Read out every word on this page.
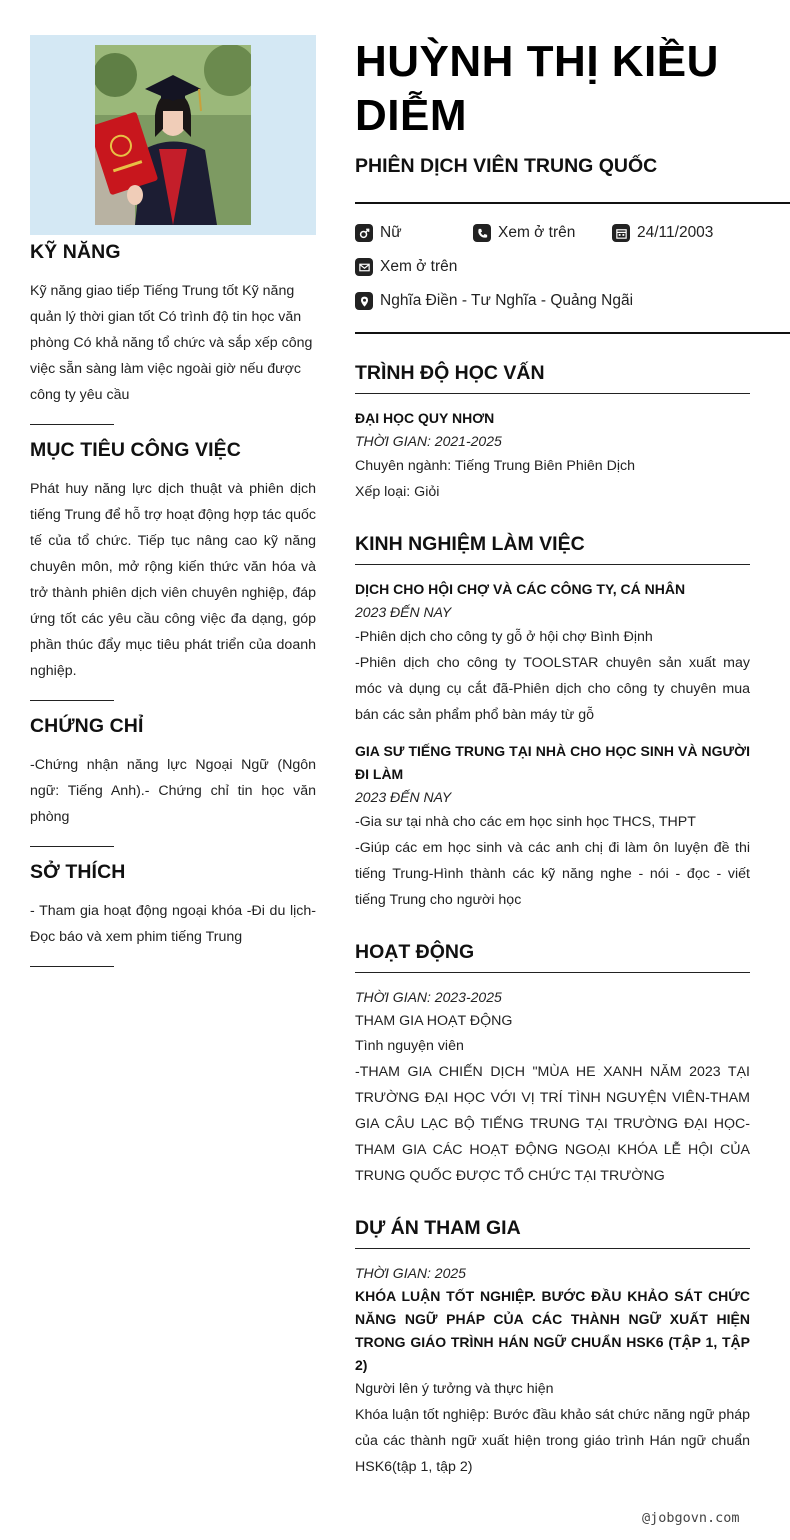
KỸ NĂNG

Kỹ năng giao tiếp Tiếng Trung tốt Kỹ năng quản lý thời gian tốt Có trình độ tin học văn phòng Có khả năng tổ chức và sắp xếp công việc sẵn sàng làm việc ngoài giờ nếu được công ty yêu cầu

MỤC TIÊU CÔNG VIỆC

Phát huy năng lực dịch thuật và phiên dịch tiếng Trung để hỗ trợ hoạt động hợp tác quốc tế của tổ chức. Tiếp tục nâng cao kỹ năng chuyên môn, mở rộng kiến thức văn hóa và trở thành phiên dịch viên chuyên nghiệp, đáp ứng tốt các yêu cầu công việc đa dạng, góp phần thúc đẩy mục tiêu phát triển của doanh nghiệp.

CHỨNG CHỈ

-Chứng nhận năng lực Ngoại Ngữ (Ngôn ngữ: Tiếng Anh).- Chứng chỉ tin học văn phòng

SỞ THÍCH

- Tham gia hoạt động ngoại khóa -Đi du lịch-Đọc báo và xem phim tiếng Trung

HUỲNH THỊ KIỀU DIỄM
PHIÊN DỊCH VIÊN TRUNG QUỐC
Nữ	Xem ở trên	24/11/2003
Xem ở trên
Nghĩa Điền - Tư Nghĩa - Quảng Ngãi
TRÌNH ĐỘ HỌC VẤN
ĐẠI HỌC QUY NHƠN
THỜI GIAN: 2021-2025
Chuyên ngành: Tiếng Trung Biên Phiên Dịch
Xếp loại: Giỏi
KINH NGHIỆM LÀM VIỆC
DỊCH CHO HỘI CHỢ VÀ CÁC CÔNG TY, CÁ NHÂN
2023 ĐẾN NAY
-Phiên dịch cho công ty gỗ ở hội chợ Bình Định
-Phiên dịch cho công ty TOOLSTAR chuyên sản xuất may móc và dụng cụ cắt đã-Phiên dịch cho công ty chuyên mua bán các sản phẩm phổ bàn máy từ gỗ
GIA SƯ TIẾNG TRUNG TẠI NHÀ CHO HỌC SINH VÀ NGƯỜI ĐI LÀM
2023 ĐẾN NAY
-Gia sư tại nhà cho các em học sinh học THCS, THPT
-Giúp các em học sinh và các anh chị đi làm ôn luyện đề thi tiếng Trung-Hình thành các kỹ năng nghe - nói - đọc - viết tiếng Trung cho người học
HOẠT ĐỘNG
THỜI GIAN: 2023-2025
THAM GIA HOẠT ĐỘNG
Tình nguyện viên
-THAM GIA CHIẾN DỊCH "MÙA HE XANH NĂM 2023 TẠI TRƯỜNG ĐẠI HỌC VỚI VỊ TRÍ TÌNH NGUYỆN VIÊN-THAM GIA CÂU LẠC BỘ TIẾNG TRUNG TẠI TRƯỜNG ĐẠI HỌC-THAM GIA CÁC HOẠT ĐỘNG NGOẠI KHÓA LỄ HỘI CỦA TRUNG QUỐC ĐƯỢC TỔ CHỨC TẠI TRƯỜNG
DỰ ÁN THAM GIA
THỜI GIAN: 2025
KHÓA LUẬN TỐT NGHIỆP. BƯỚC ĐẦU KHẢO SÁT CHỨC NĂNG NGỮ PHÁP CỦA CÁC THÀNH NGỮ XUẤT HIỆN TRONG GIÁO TRÌNH HÁN NGỮ CHUẨN HSK6 (TẬP 1, TẬP 2)
Người lên ý tưởng và thực hiện
Khóa luận tốt nghiệp: Bước đầu khảo sát chức năng ngữ pháp của các thành ngữ xuất hiện trong giáo trình Hán ngữ chuẩn HSK6(tập 1, tập 2)
@jobgovn.com
